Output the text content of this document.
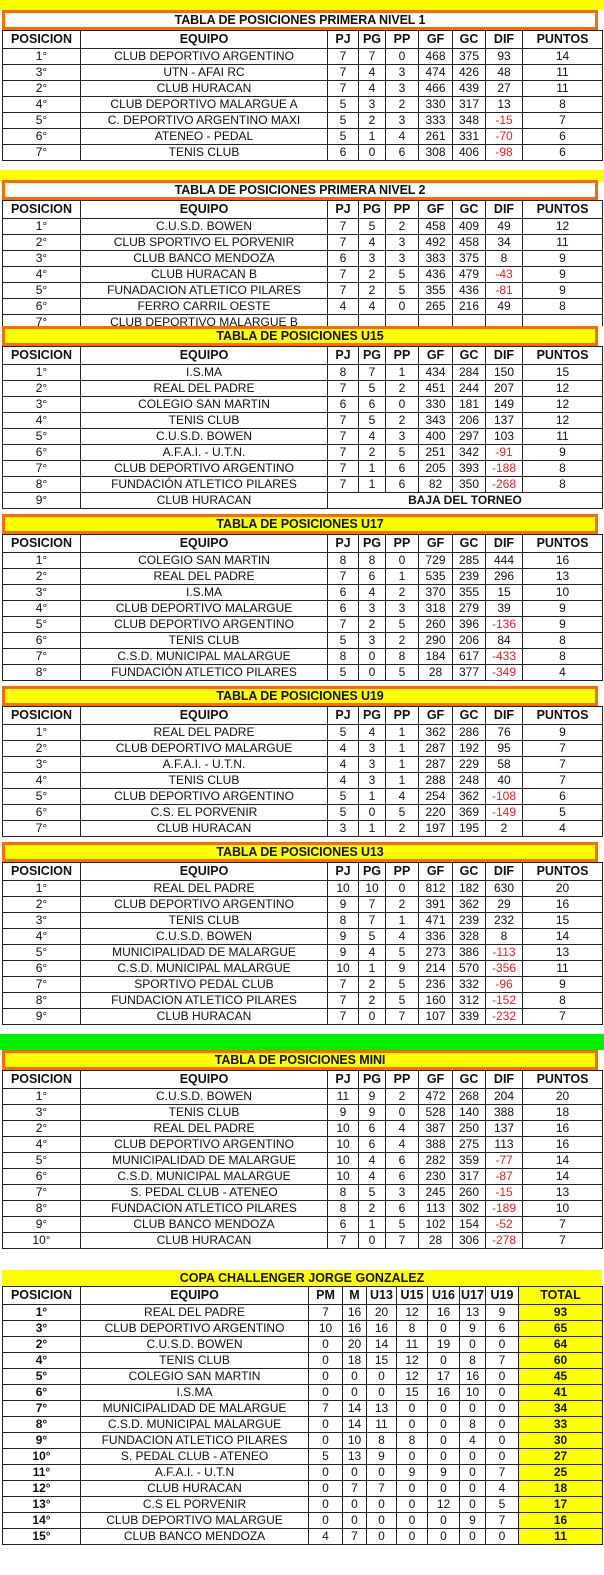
TABLA DE POSICIONES PRIMERA NIVEL 1
POSICION	EQUIPO	PJ	PG	PP	GF	GC	DIF	PUNTOS
1°	CLUB DEPORTIVO ARGENTINO	7	7	0	468	375	93	14
3°	UTN - AFAI RC	7	4	3	474	426	48	11
2°	CLUB HURACAN	7	4	3	466	439	27	11
4°	CLUB DEPORTIVO MALARGUE A	5	3	2	330	317	13	8
5°	C. DEPORTIVO ARGENTINO MAXI	5	2	3	333	348	-15	7
6°	ATENEO - PEDAL	5	1	4	261	331	-70	6
7°	TENIS CLUB	6	0	6	308	406	-98	6
TABLA DE POSICIONES PRIMERA NIVEL 2
POSICION	EQUIPO	PJ	PG	PP	GF	GC	DIF	PUNTOS
1°	C.U.S.D. BOWEN	7	5	2	458	409	49	12
2°	CLUB SPORTIVO EL PORVENIR	7	4	3	492	458	34	11
3°	CLUB BANCO MENDOZA	6	3	3	383	375	8	9
4°	CLUB HURACAN B	7	2	5	436	479	-43	9
5°	FUNADACION ATLETICO PILARES	7	2	5	355	436	-81	9
6°	FERRO CARRIL OESTE	4	4	0	265	216	49	8
7°	CLUB DEPORTIVO MALARGUE B							
TABLA DE POSICIONES U15
POSICION	EQUIPO	PJ	PG	PP	GF	GC	DIF	PUNTOS
1°	I.S.MA	8	7	1	434	284	150	15
2°	REAL DEL PADRE	7	5	2	451	244	207	12
3°	COLEGIO SAN MARTIN	6	6	0	330	181	149	12
4°	TENIS CLUB	7	5	2	343	206	137	12
5°	C.U.S.D. BOWEN	7	4	3	400	297	103	11
6°	A.F.A.I. - U.T.N.	7	2	5	251	342	-91	9
7°	CLUB DEPORTIVO ARGENTINO	7	1	6	205	393	-188	8
8°	FUNDACIÓN ATLETICO PILARES	7	1	6	82	350	-268	8
9°	CLUB HURACAN	BAJA DEL TORNEO						
TABLA DE POSICIONES U17
POSICION	EQUIPO	PJ	PG	PP	GF	GC	DIF	PUNTOS
1°	COLEGIO SAN MARTIN	8	8	0	729	285	444	16
2°	REAL DEL PADRE	7	6	1	535	239	296	13
3°	I.S.MA	6	4	2	370	355	15	10
4°	CLUB DEPORTIVO MALARGUE	6	3	3	318	279	39	9
5°	CLUB DEPORTIVO ARGENTINO	7	2	5	260	396	-136	9
6°	TENIS CLUB	5	3	2	290	206	84	8
7°	C.S.D. MUNICIPAL MALARGUE	8	0	8	184	617	-433	8
8°	FUNDACIÓN ATLETICO PILARES	5	0	5	28	377	-349	4
TABLA DE POSICIONES U19
POSICION	EQUIPO	PJ	PG	PP	GF	GC	DIF	PUNTOS
1°	REAL DEL PADRE	5	4	1	362	286	76	9
2°	CLUB DEPORTIVO MALARGUE	4	3	1	287	192	95	7
3°	A.F.A.I. - U.T.N.	4	3	1	287	229	58	7
4°	TENIS CLUB	4	3	1	288	248	40	7
5°	CLUB DEPORTIVO ARGENTINO	5	1	4	254	362	-108	6
6°	C.S. EL PORVENIR	5	0	5	220	369	-149	5
7°	CLUB HURACAN	3	1	2	197	195	2	4
TABLA DE POSICIONES U13
POSICION	EQUIPO	PJ	PG	PP	GF	GC	DIF	PUNTOS
1°	REAL DEL PADRE	10	10	0	812	182	630	20
2°	CLUB DEPORTIVO ARGENTINO	9	7	2	391	362	29	16
3°	TENIS CLUB	8	7	1	471	239	232	15
4°	C.U.S.D. BOWEN	9	5	4	336	328	8	14
5°	MUNICIPALIDAD DE MALARGUE	9	4	5	273	386	-113	13
6°	C.S.D. MUNICIPAL MALARGUE	10	1	9	214	570	-356	11
7°	SPORTIVO PEDAL CLUB	7	2	5	236	332	-96	9
8°	FUNDACION ATLETICO PILARES	7	2	5	160	312	-152	8
9°	CLUB HURACAN	7	0	7	107	339	-232	7
TABLA DE POSICIONES MINI
POSICION	EQUIPO	PJ	PG	PP	GF	GC	DIF	PUNTOS
1°	C.U.S.D. BOWEN	11	9	2	472	268	204	20
3°	TENIS CLUB	9	9	0	528	140	388	18
2°	REAL DEL PADRE	10	6	4	387	250	137	16
4°	CLUB DEPORTIVO ARGENTINO	10	6	4	388	275	113	16
5°	MUNICIPALIDAD DE MALARGUE	10	4	6	282	359	-77	14
6°	C.S.D. MUNICIPAL MALARGUE	10	4	6	230	317	-87	14
7°	S. PEDAL CLUB - ATENEO	8	5	3	245	260	-15	13
8°	FUNDACION ATLETICO PILARES	8	2	6	113	302	-189	10
9°	CLUB BANCO MENDOZA	6	1	5	102	154	-52	7
10°	CLUB HURACAN	7	0	7	28	306	-278	7
COPA CHALLENGER JORGE GONZALEZ
POSICION	EQUIPO	PM	M	U13	U15	U16	U17	U19	TOTAL
1°	REAL DEL PADRE	7	16	20	12	16	13	9	93
3°	CLUB DEPORTIVO ARGENTINO	10	16	16	8	0	9	6	65
2°	C.U.S.D. BOWEN	0	20	14	11	19	0	0	64
4°	TENIS CLUB	0	18	15	12	0	8	7	60
5°	COLEGIO SAN MARTIN	0	0	0	12	17	16	0	45
6°	I.S.MA	0	0	0	15	16	10	0	41
7°	MUNICIPALIDAD DE MALARGUE	7	14	13	0	0	0	0	34
8°	C.S.D. MUNICIPAL MALARGUE	0	14	11	0	0	8	0	33
9°	FUNDACION ATLETICO PILARES	0	10	8	8	0	4	0	30
10°	S. PEDAL CLUB - ATENEO	5	13	9	0	0	0	0	27
11°	A.F.A.I. - U.T.N	0	0	0	9	9	0	7	25
12°	CLUB HURACAN	0	7	7	0	0	0	4	18
13°	C.S EL PORVENIR	0	0	0	0	12	0	5	17
14°	CLUB DEPORTIVO MALARGUE	0	0	0	0	0	9	7	16
15°	CLUB BANCO MENDOZA	4	7	0	0	0	0	0	11
